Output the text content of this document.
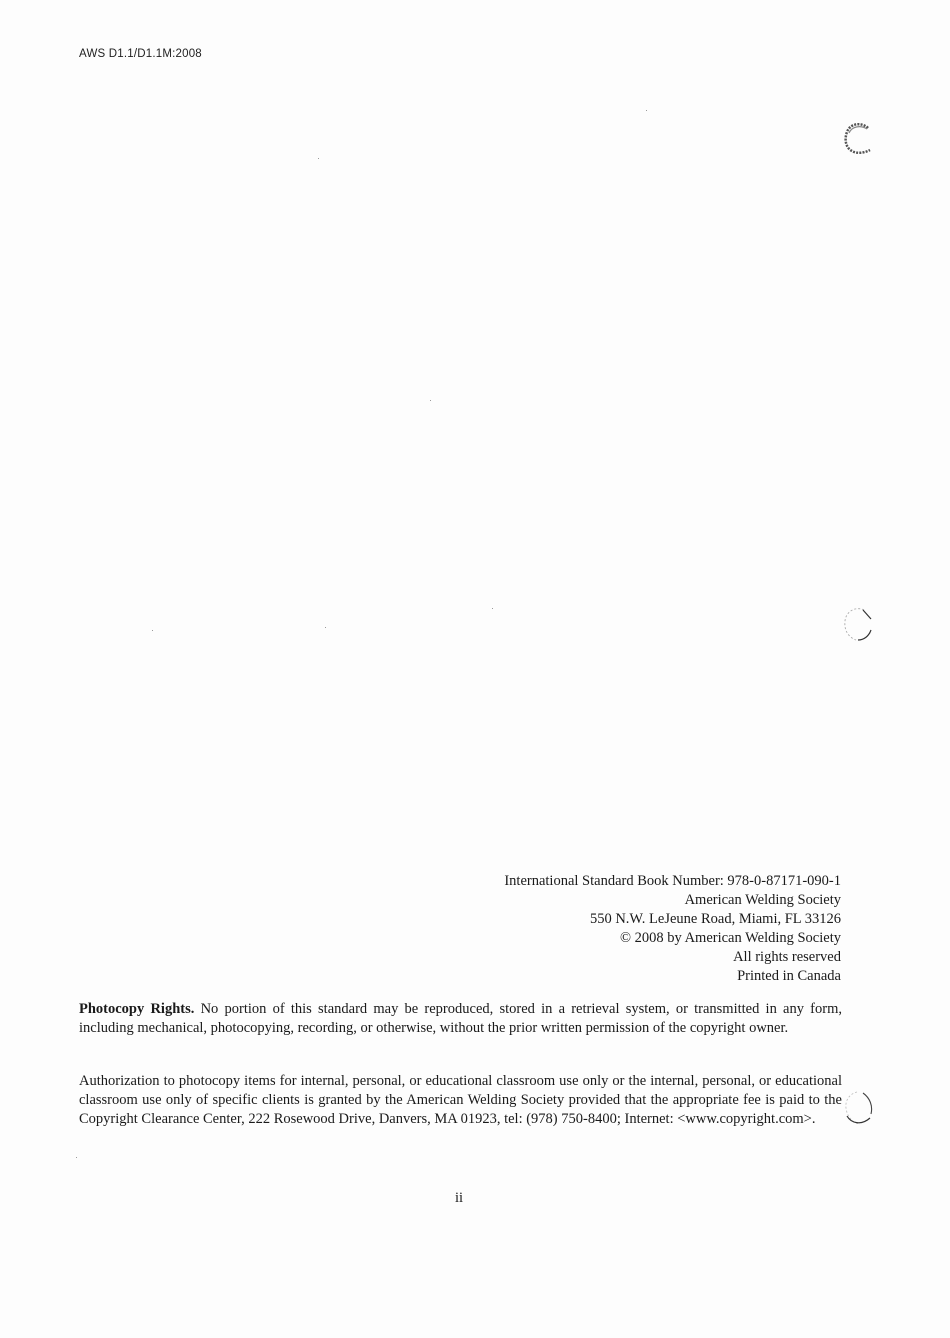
AWS D1.1/D1.1M:2008
International Standard Book Number: 978-0-87171-090-1
American Welding Society
550 N.W. LeJeune Road, Miami, FL 33126
© 2008 by American Welding Society
All rights reserved
Printed in Canada

Photocopy Rights. No portion of this standard may be reproduced, stored in a retrieval system, or transmitted in any form, including mechanical, photocopying, recording, or otherwise, without the prior written permission of the copyright owner.

Authorization to photocopy items for internal, personal, or educational classroom use only or the internal, personal, or educational classroom use only of specific clients is granted by the American Welding Society provided that the appropriate fee is paid to the Copyright Clearance Center, 222 Rosewood Drive, Danvers, MA 01923, tel: (978) 750-8400; Internet: <www.copyright.com>.

ii
